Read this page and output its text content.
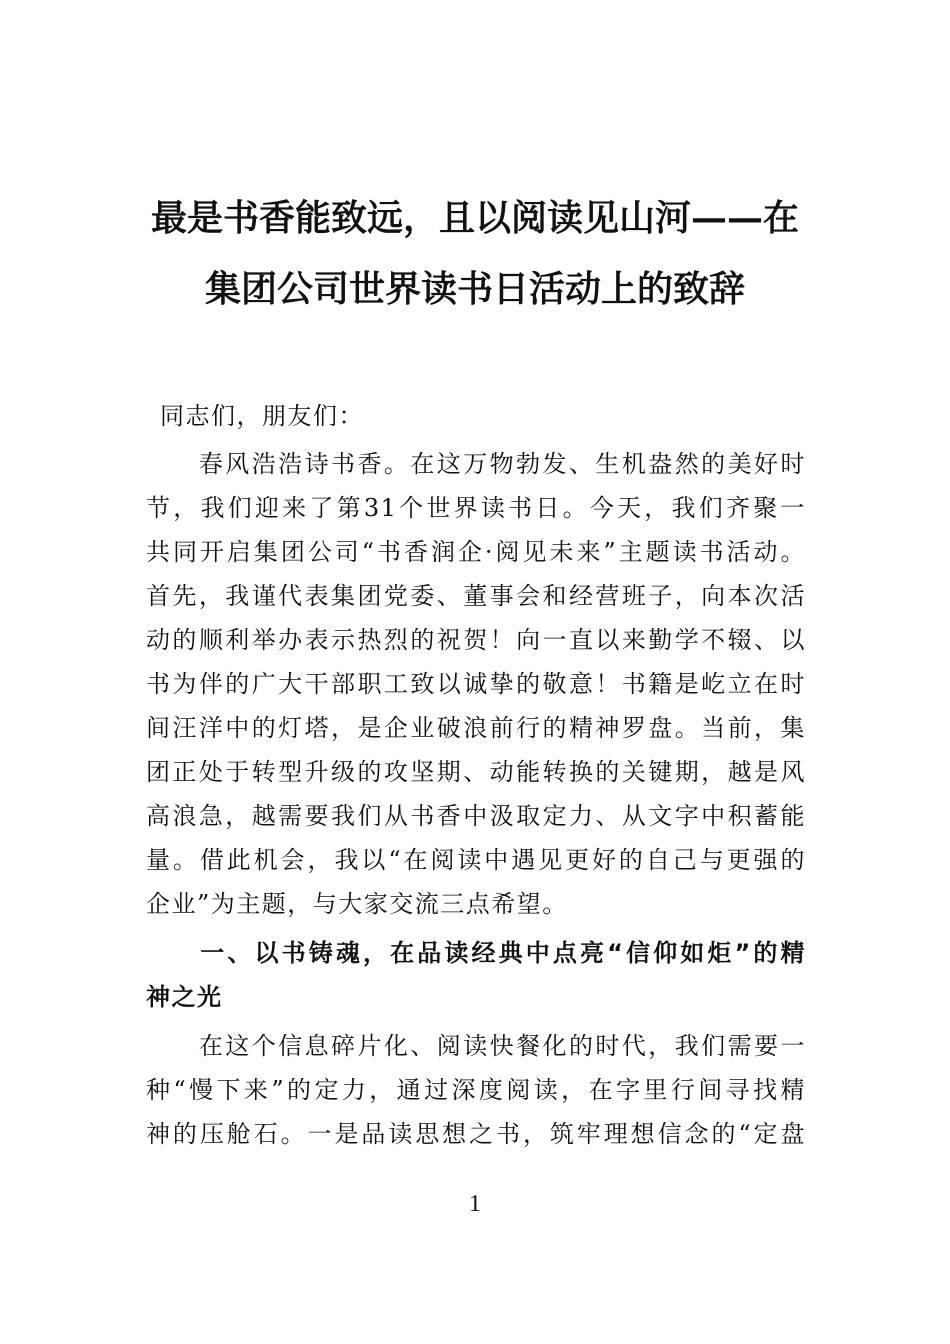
最是书香能致远，且以阅读见山河——在
集团公司世界读书日活动上的致辞

同志们，朋友们：

　　春风浩浩诗书香。在这万物勃发、生机盎然的美好时

节，我们迎来了第31个世界读书日。今天，我们齐聚一

共同开启集团公司“书香润企·阅见未来”主题读书活动。

首先，我谨代表集团党委、董事会和经营班子，向本次活

动的顺利举办表示热烈的祝贺！向一直以来勤学不辍、以

书为伴的广大干部职工致以诚挚的敬意！书籍是屹立在时

间汪洋中的灯塔，是企业破浪前行的精神罗盘。当前，集

团正处于转型升级的攻坚期、动能转换的关键期，越是风

高浪急，越需要我们从书香中汲取定力、从文字中积蓄能

量。借此机会，我以“在阅读中遇见更好的自己与更强的

企业”为主题，与大家交流三点希望。

　　一、以书铸魂，在品读经典中点亮“信仰如炬”的精

神之光

　　在这个信息碎片化、阅读快餐化的时代，我们需要一

种“慢下来”的定力，通过深度阅读，在字里行间寻找精

神的压舱石。一是品读思想之书，筑牢理想信念的“定盘

1
